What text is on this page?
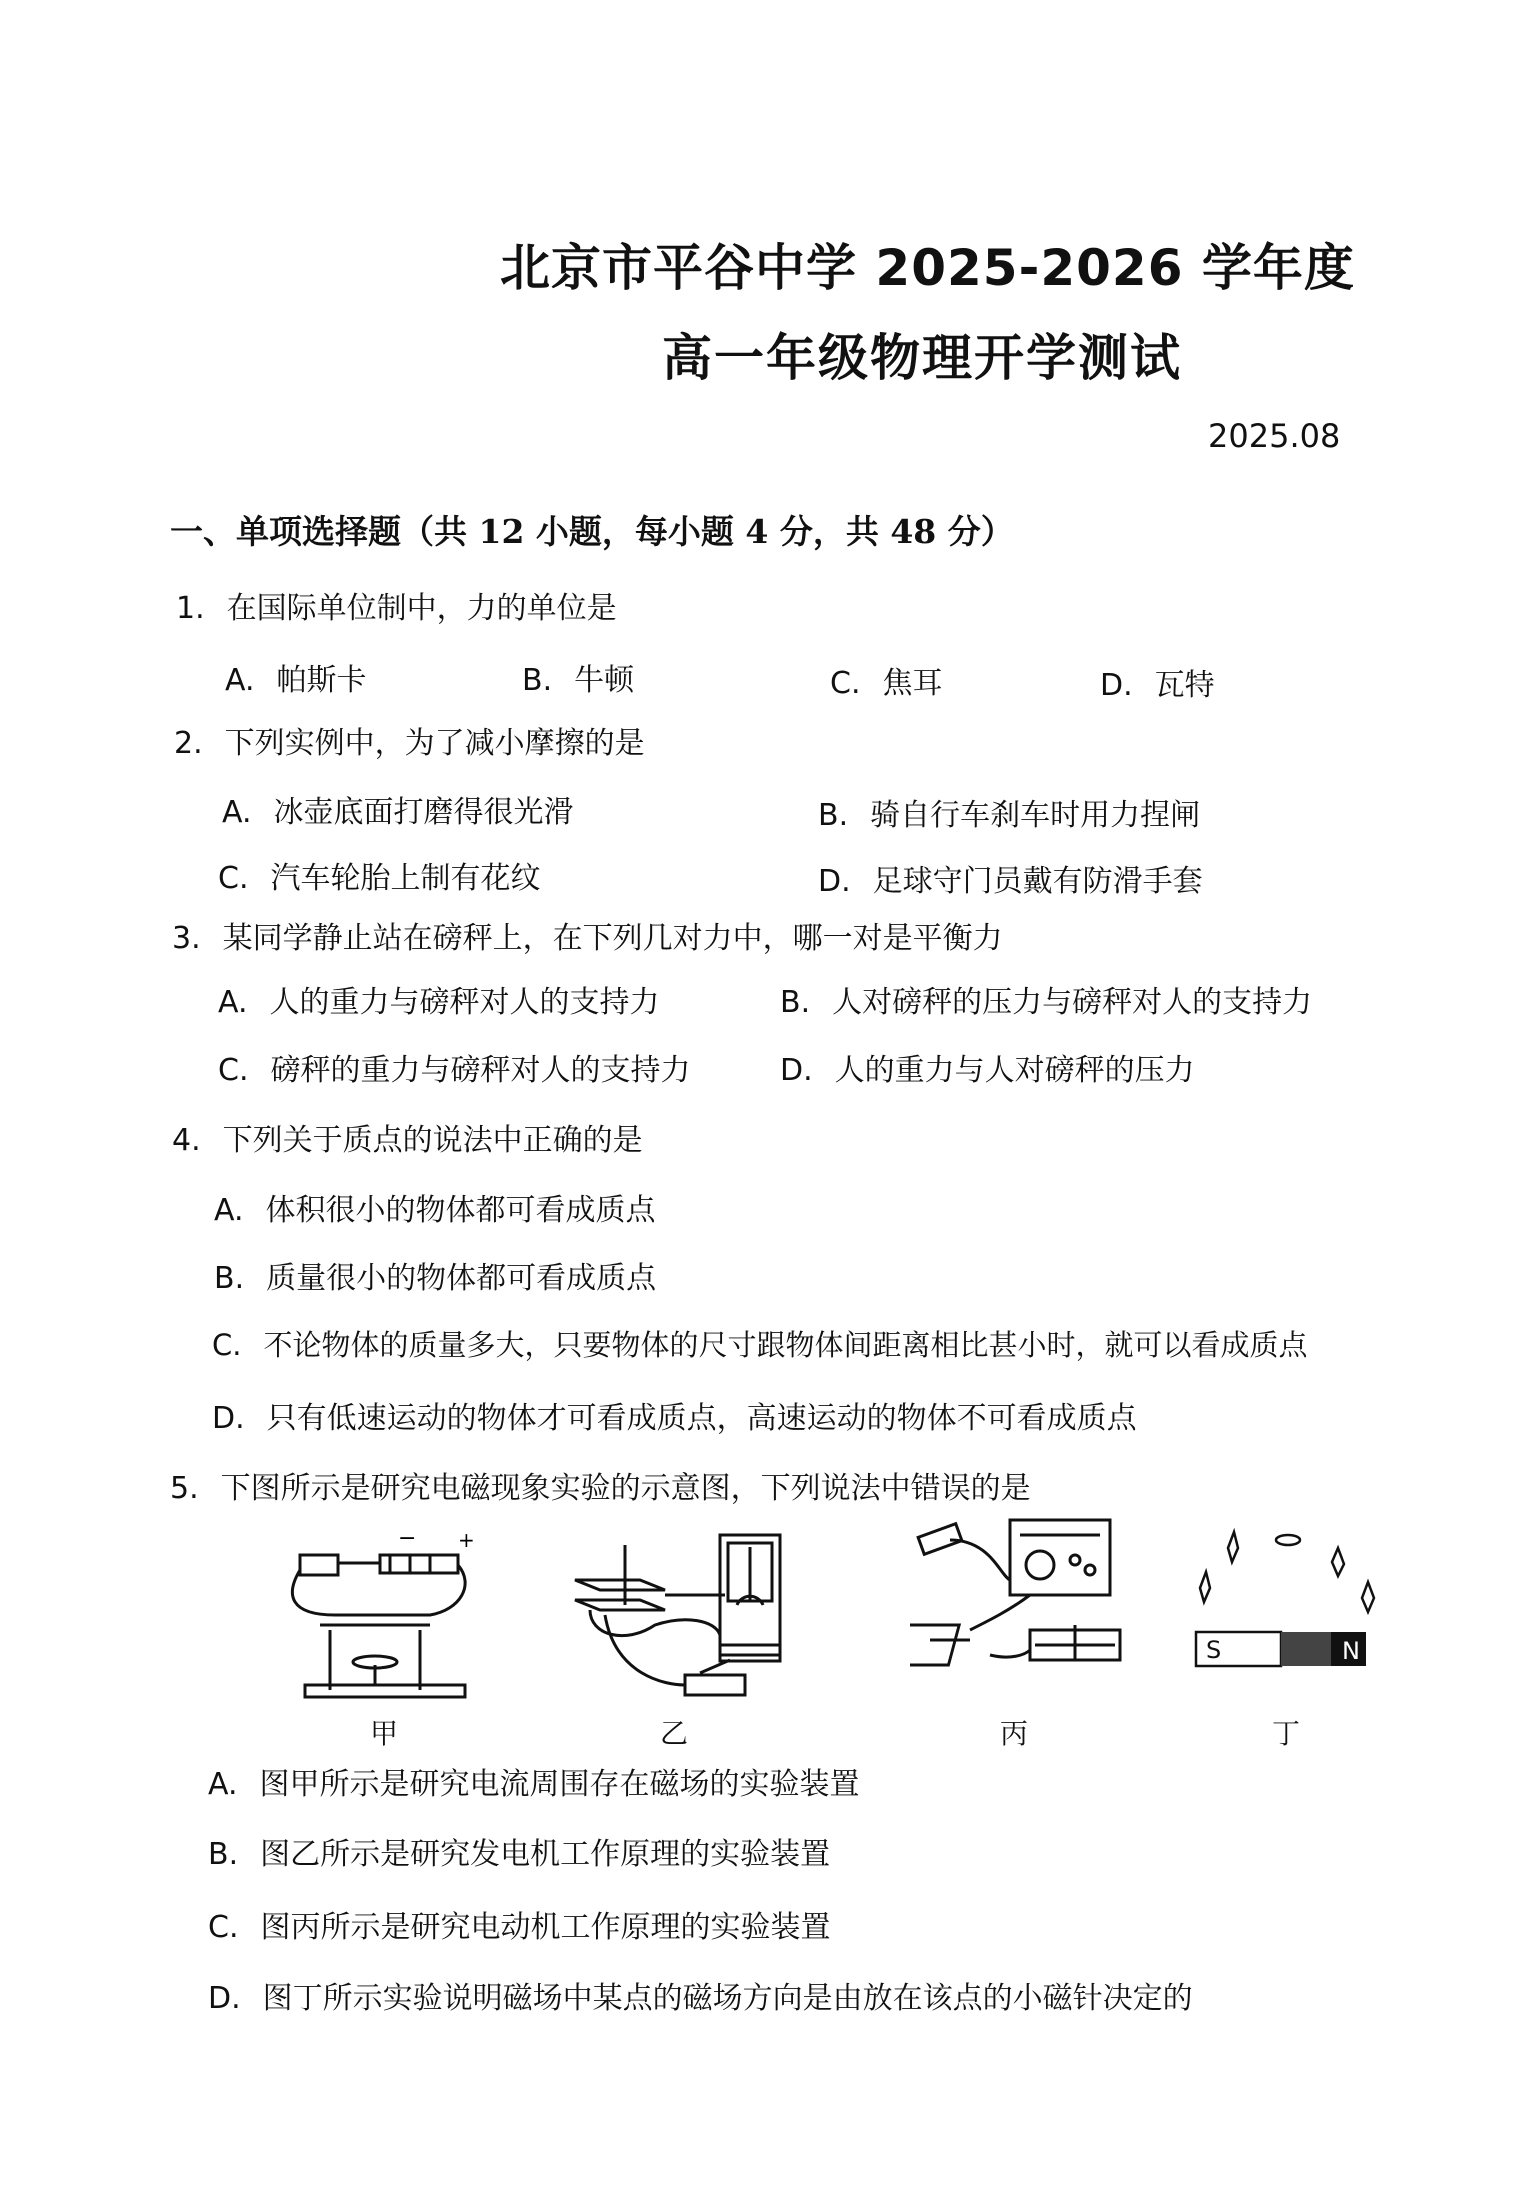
北京市平谷中学 2025-2026 学年度
高一年级物理开学测试
2025.08
一、单项选择题（共 12 小题，每小题 4 分，共 48 分）
1. 在国际单位制中，力的单位是
A. 帕斯卡	B. 牛顿	C. 焦耳	D. 瓦特
2. 下列实例中，为了减小摩擦的是
A. 冰壶底面打磨得很光滑	B. 骑自行车刹车时用力捏闸
C. 汽车轮胎上制有花纹	D. 足球守门员戴有防滑手套
3. 某同学静止站在磅秤上，在下列几对力中，哪一对是平衡力
A. 人的重力与磅秤对人的支持力	B. 人对磅秤的压力与磅秤对人的支持力
C. 磅秤的重力与磅秤对人的支持力	D. 人的重力与人对磅秤的压力
4. 下列关于质点的说法中正确的是
A. 体积很小的物体都可看成质点
B. 质量很小的物体都可看成质点
C. 不论物体的质量多大，只要物体的尺寸跟物体间距离相比甚小时，就可以看成质点
D. 只有低速运动的物体才可看成质点，高速运动的物体不可看成质点
5. 下图所示是研究电磁现象实验的示意图，下列说法中错误的是
− +
S	N
甲	乙	丙	丁
A. 图甲所示是研究电流周围存在磁场的实验装置
B. 图乙所示是研究发电机工作原理的实验装置
C. 图丙所示是研究电动机工作原理的实验装置
D. 图丁所示实验说明磁场中某点的磁场方向是由放在该点的小磁针决定的
